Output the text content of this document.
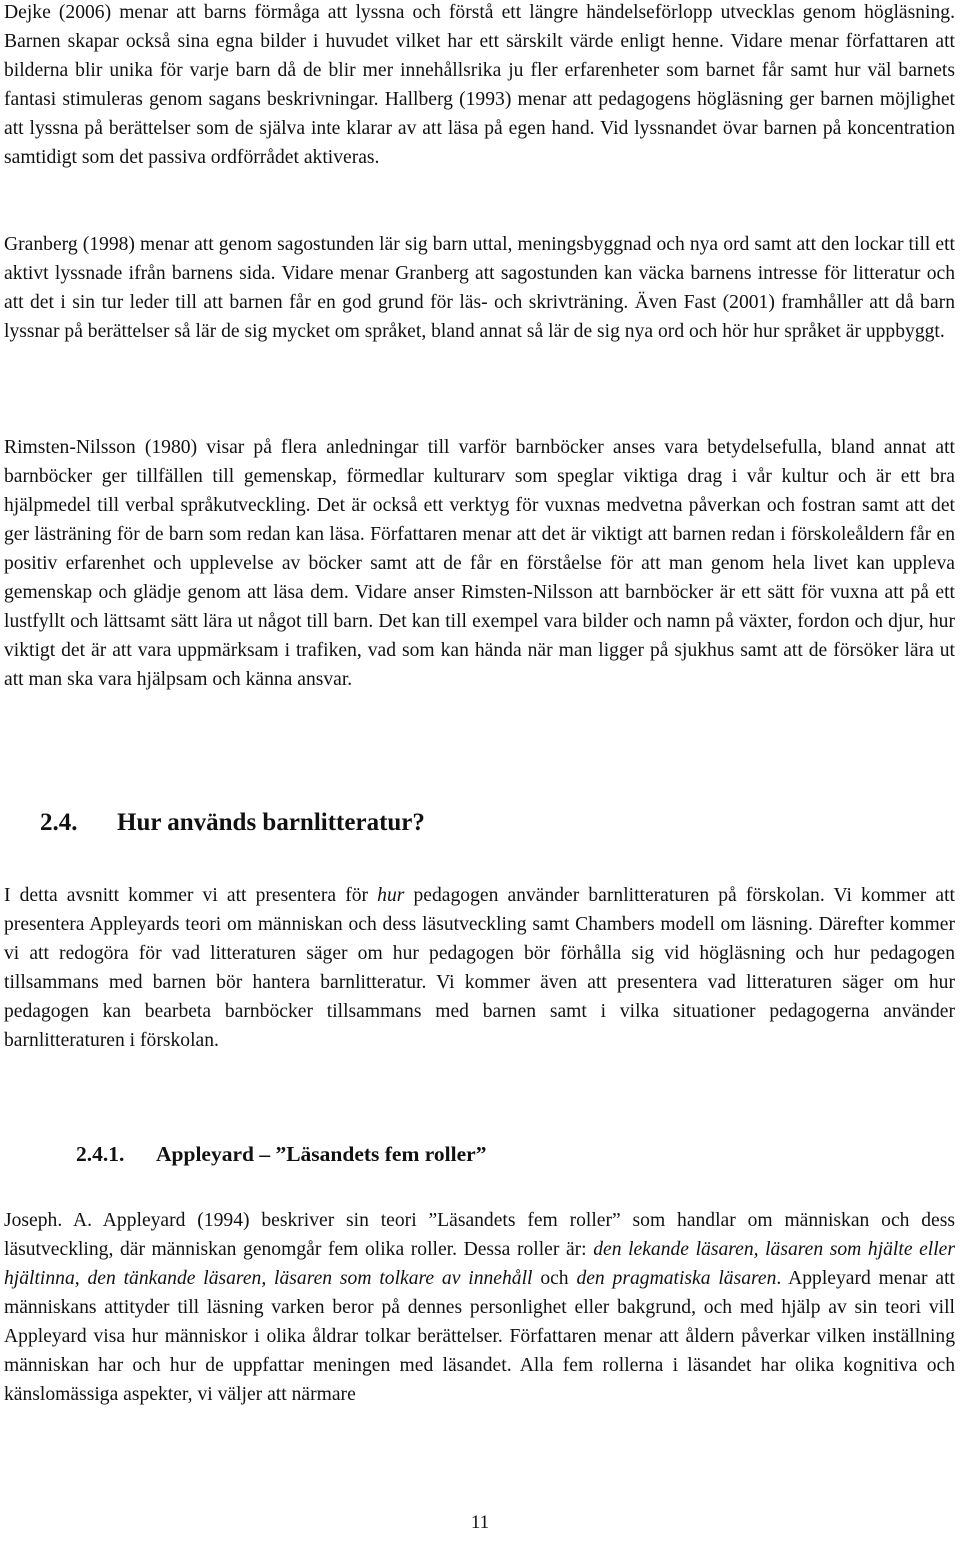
Dejke (2006) menar att barns förmåga att lyssna och förstå ett längre händelseförlopp utvecklas genom högläsning. Barnen skapar också sina egna bilder i huvudet vilket har ett särskilt värde enligt henne. Vidare menar författaren att bilderna blir unika för varje barn då de blir mer innehållsrika ju fler erfarenheter som barnet får samt hur väl barnets fantasi stimuleras genom sagans beskrivningar. Hallberg (1993) menar att pedagogens högläsning ger barnen möjlighet att lyssna på berättelser som de själva inte klarar av att läsa på egen hand. Vid lyssnandet övar barnen på koncentration samtidigt som det passiva ordförrådet aktiveras.

Granberg (1998) menar att genom sagostunden lär sig barn uttal, meningsbyggnad och nya ord samt att den lockar till ett aktivt lyssnade ifrån barnens sida. Vidare menar Granberg att sagostunden kan väcka barnens intresse för litteratur och att det i sin tur leder till att barnen får en god grund för läs- och skrivträning. Även Fast (2001) framhåller att då barn lyssnar på berättelser så lär de sig mycket om språket, bland annat så lär de sig nya ord och hör hur språket är uppbyggt.

Rimsten-Nilsson (1980) visar på flera anledningar till varför barnböcker anses vara betydelsefulla, bland annat att barnböcker ger tillfällen till gemenskap, förmedlar kulturarv som speglar viktiga drag i vår kultur och är ett bra hjälpmedel till verbal språkutveckling. Det är också ett verktyg för vuxnas medvetna påverkan och fostran samt att det ger lästräning för de barn som redan kan läsa. Författaren menar att det är viktigt att barnen redan i förskoleåldern får en positiv erfarenhet och upplevelse av böcker samt att de får en förståelse för att man genom hela livet kan uppleva gemenskap och glädje genom att läsa dem. Vidare anser Rimsten-Nilsson att barnböcker är ett sätt för vuxna att på ett lustfyllt och lättsamt sätt lära ut något till barn. Det kan till exempel vara bilder och namn på växter, fordon och djur, hur viktigt det är att vara uppmärksam i trafiken, vad som kan hända när man ligger på sjukhus samt att de försöker lära ut att man ska vara hjälpsam och känna ansvar.

2.4. Hur används barnlitteratur?

I detta avsnitt kommer vi att presentera för hur pedagogen använder barnlitteraturen på förskolan. Vi kommer att presentera Appleyards teori om människan och dess läsutveckling samt Chambers modell om läsning. Därefter kommer vi att redogöra för vad litteraturen säger om hur pedagogen bör förhålla sig vid högläsning och hur pedagogen tillsammans med barnen bör hantera barnlitteratur. Vi kommer även att presentera vad litteraturen säger om hur pedagogen kan bearbeta barnböcker tillsammans med barnen samt i vilka situationer pedagogerna använder barnlitteraturen i förskolan.

2.4.1. Appleyard – ”Läsandets fem roller”

Joseph. A. Appleyard (1994) beskriver sin teori ”Läsandets fem roller” som handlar om människan och dess läsutveckling, där människan genomgår fem olika roller. Dessa roller är: den lekande läsaren, läsaren som hjälte eller hjältinna, den tänkande läsaren, läsaren som tolkare av innehåll och den pragmatiska läsaren. Appleyard menar att människans attityder till läsning varken beror på dennes personlighet eller bakgrund, och med hjälp av sin teori vill Appleyard visa hur människor i olika åldrar tolkar berättelser. Författaren menar att åldern påverkar vilken inställning människan har och hur de uppfattar meningen med läsandet. Alla fem rollerna i läsandet har olika kognitiva och känslomässiga aspekter, vi väljer att närmare

11
